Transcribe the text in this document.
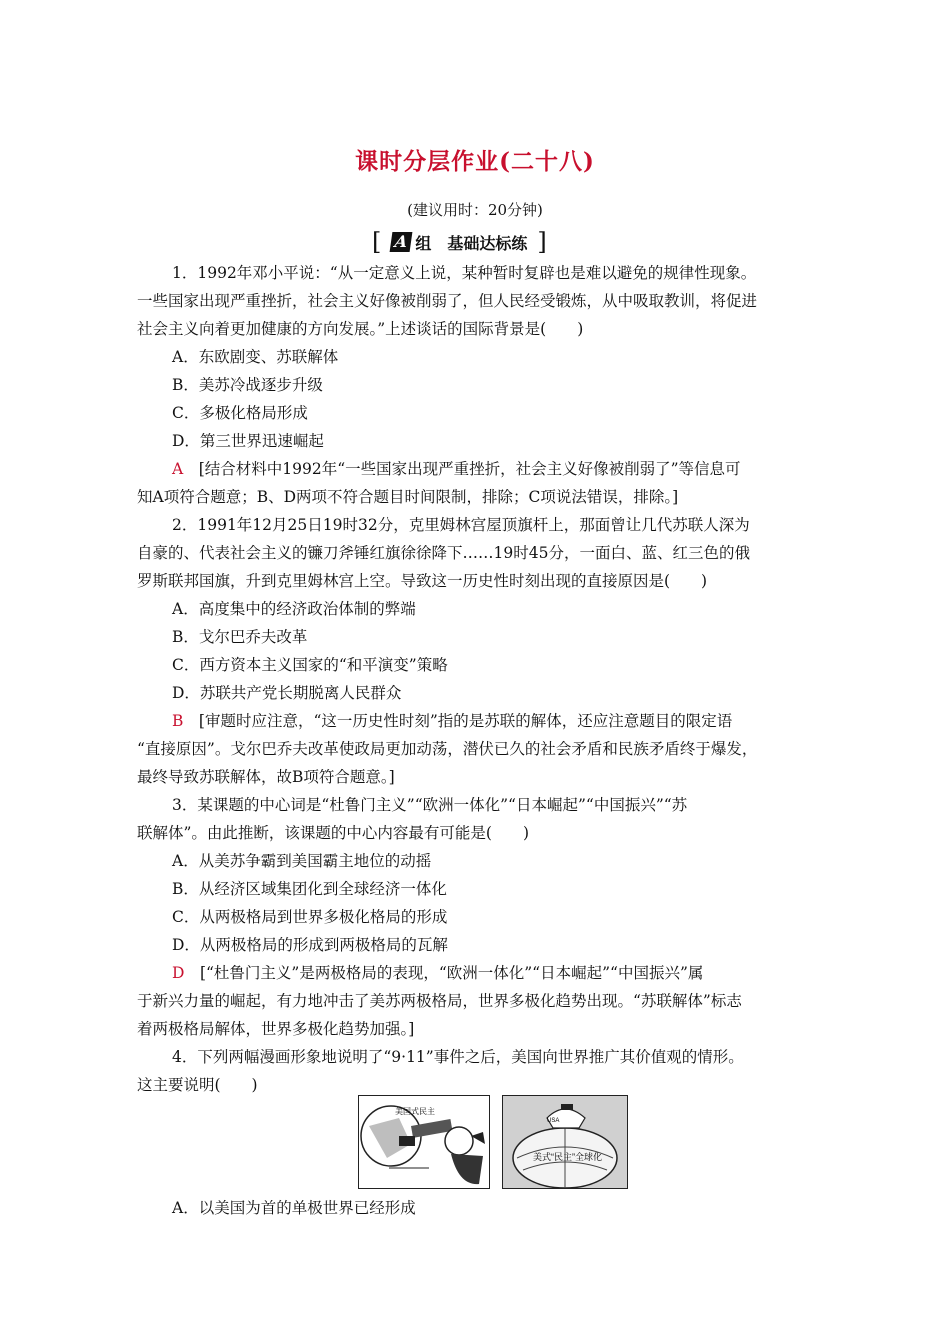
课时分层作业(二十八)
(建议用时：20分钟)
[ A 组　基础达标练 ]
1．1992年邓小平说：“从一定意义上说，某种暂时复辟也是难以避免的规律性现象。
一些国家出现严重挫折，社会主义好像被削弱了，但人民经受锻炼，从中吸取教训，将促进
社会主义向着更加健康的方向发展。”上述谈话的国际背景是(　　)
A．东欧剧变、苏联解体
B．美苏冷战逐步升级
C．多极化格局形成
D．第三世界迅速崛起
A　[结合材料中1992年“一些国家出现严重挫折，社会主义好像被削弱了”等信息可
知A项符合题意；B、D两项不符合题目时间限制，排除；C项说法错误，排除。]
2．1991年12月25日19时32分，克里姆林宫屋顶旗杆上，那面曾让几代苏联人深为
自豪的、代表社会主义的镰刀斧锤红旗徐徐降下……19时45分，一面白、蓝、红三色的俄
罗斯联邦国旗，升到克里姆林宫上空。导致这一历史性时刻出现的直接原因是(　　)
A．高度集中的经济政治体制的弊端
B．戈尔巴乔夫改革
C．西方资本主义国家的“和平演变”策略
D．苏联共产党长期脱离人民群众
B　[审题时应注意，“这一历史性时刻”指的是苏联的解体，还应注意题目的限定语
“直接原因”。戈尔巴乔夫改革使政局更加动荡，潜伏已久的社会矛盾和民族矛盾终于爆发，
最终导致苏联解体，故B项符合题意。]
3．某课题的中心词是“杜鲁门主义”“欧洲一体化”“日本崛起”“中国振兴”“苏
联解体”。由此推断，该课题的中心内容最有可能是(　　)
A．从美苏争霸到美国霸主地位的动摇
B．从经济区域集团化到全球经济一体化
C．从两极格局到世界多极化格局的形成
D．从两极格局的形成到两极格局的瓦解
D　[“杜鲁门主义”是两极格局的表现，“欧洲一体化”“日本崛起”“中国振兴”属
于新兴力量的崛起，有力地冲击了美苏两极格局，世界多极化趋势出现。“苏联解体”标志
着两极格局解体，世界多极化趋势加强。]
4．下列两幅漫画形象地说明了“9·11”事件之后，美国向世界推广其价值观的情形。
这主要说明(　　)
美国式民主
USA
美式“民主”全球化
A．以美国为首的单极世界已经形成
